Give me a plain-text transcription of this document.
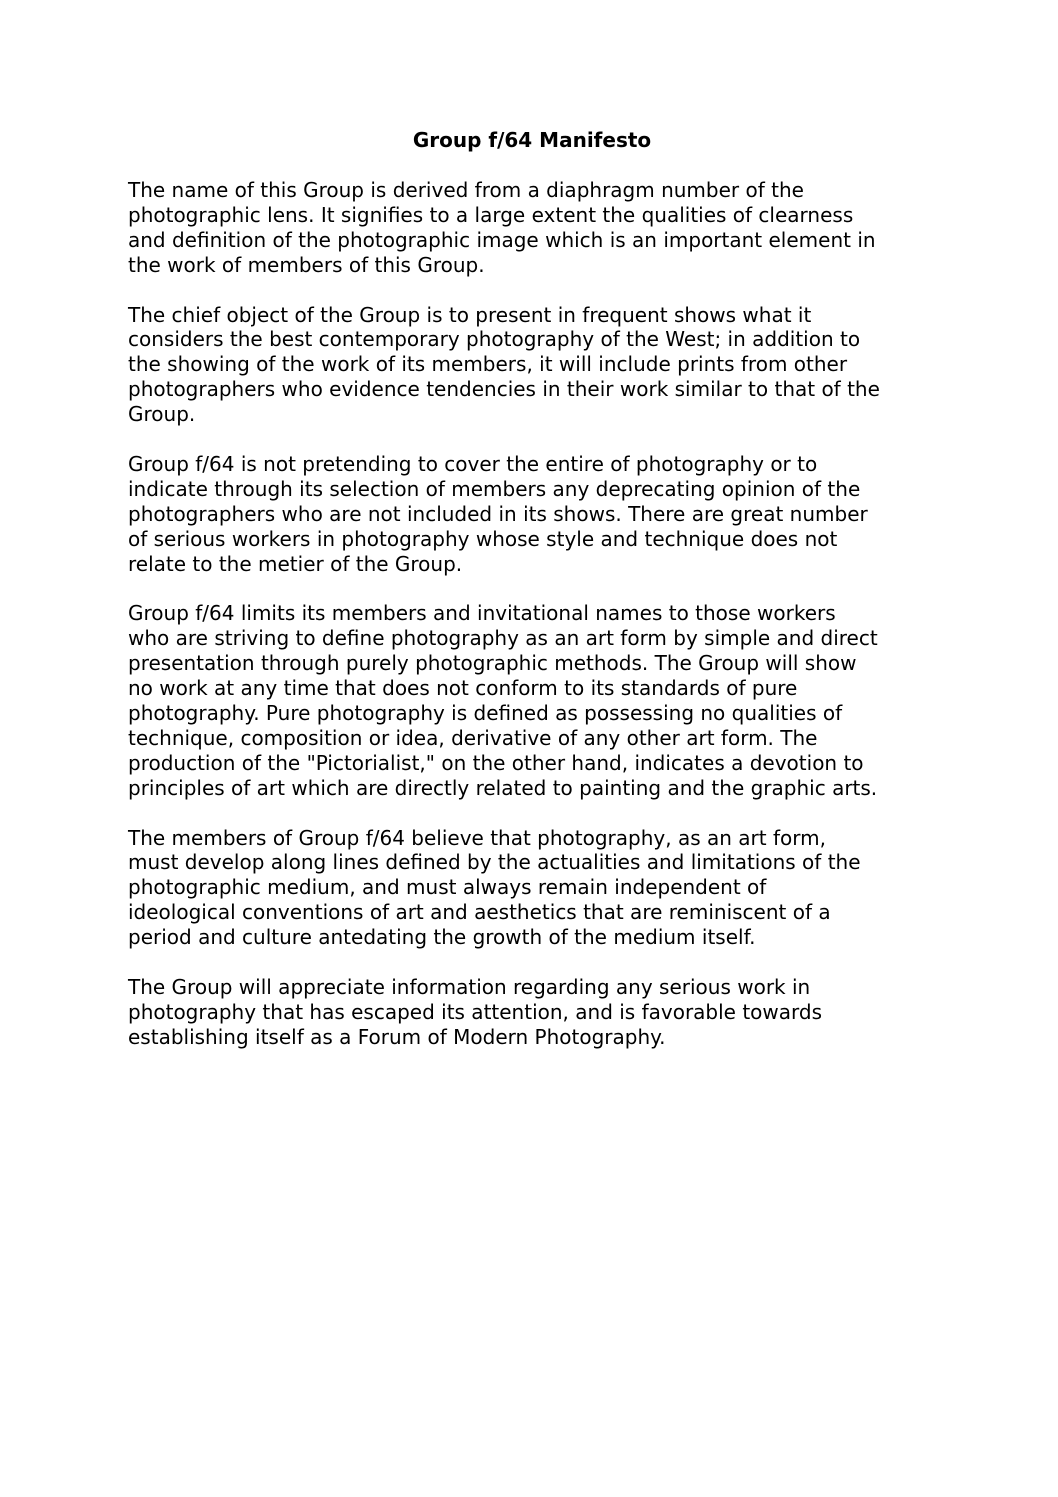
Group f/64 Manifesto

The name of this Group is derived from a diaphragm number of the
photographic lens. It signifies to a large extent the qualities of clearness
and definition of the photographic image which is an important element in
the work of members of this Group.

The chief object of the Group is to present in frequent shows what it
considers the best contemporary photography of the West; in addition to
the showing of the work of its members, it will include prints from other
photographers who evidence tendencies in their work similar to that of the
Group.

Group f/64 is not pretending to cover the entire of photography or to
indicate through its selection of members any deprecating opinion of the
photographers who are not included in its shows. There are great number
of serious workers in photography whose style and technique does not
relate to the metier of the Group.

Group f/64 limits its members and invitational names to those workers
who are striving to define photography as an art form by simple and direct
presentation through purely photographic methods. The Group will show
no work at any time that does not conform to its standards of pure
photography. Pure photography is defined as possessing no qualities of
technique, composition or idea, derivative of any other art form. The
production of the "Pictorialist," on the other hand, indicates a devotion to
principles of art which are directly related to painting and the graphic arts.

The members of Group f/64 believe that photography, as an art form,
must develop along lines defined by the actualities and limitations of the
photographic medium, and must always remain independent of
ideological conventions of art and aesthetics that are reminiscent of a
period and culture antedating the growth of the medium itself.

The Group will appreciate information regarding any serious work in
photography that has escaped its attention, and is favorable towards
establishing itself as a Forum of Modern Photography.
